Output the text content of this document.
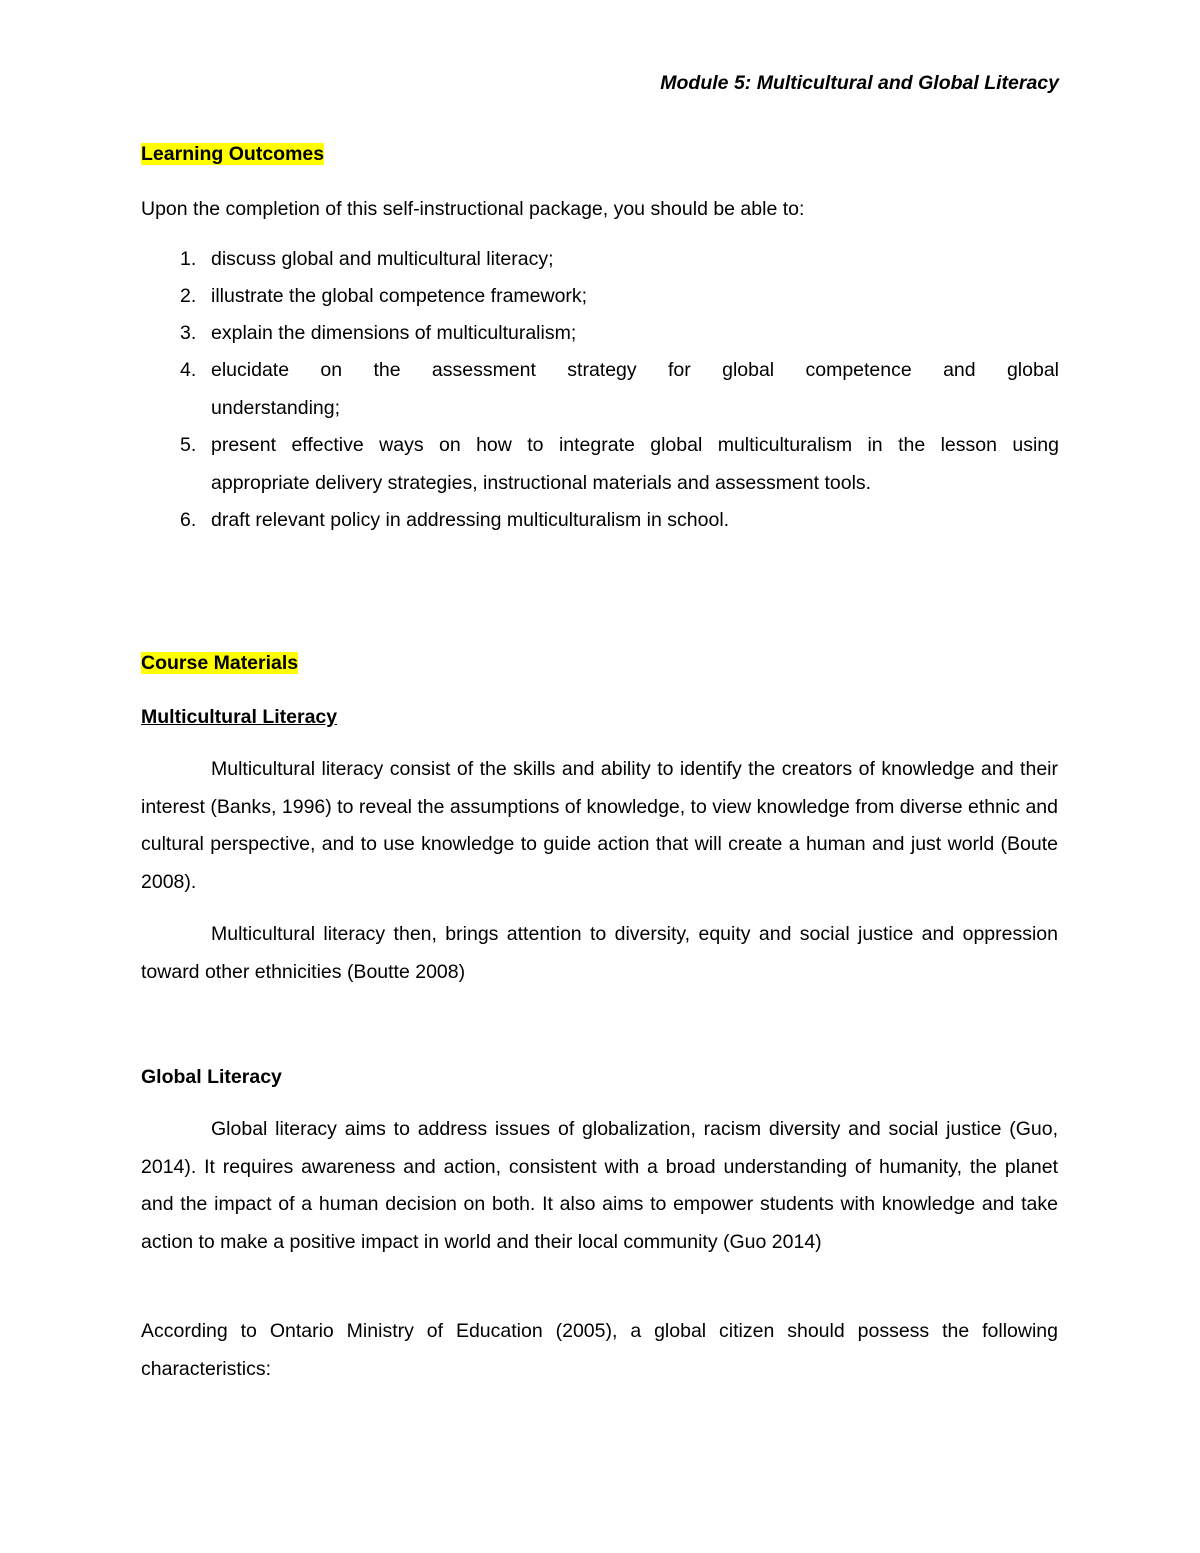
Module 5: Multicultural and Global Literacy
Learning Outcomes
Upon the completion of this self-instructional package, you should be able to:
1. discuss global and multicultural literacy;
2. illustrate the global competence framework;
3. explain the dimensions of multiculturalism;
4. elucidate on the assessment strategy for global competence and global
understanding;
5. present effective ways on how to integrate global multiculturalism in the lesson using
appropriate delivery strategies, instructional materials and assessment tools.
6. draft relevant policy in addressing multiculturalism in school.
Course Materials
Multicultural Literacy
Multicultural literacy consist of the skills and ability to identify the creators of knowledge and their interest (Banks, 1996) to reveal the assumptions of knowledge, to view knowledge from diverse ethnic and cultural perspective, and to use knowledge to guide action that will create a human and just world (Boute 2008).
Multicultural literacy then, brings attention to diversity, equity and social justice and oppression toward other ethnicities (Boutte 2008)
Global Literacy
Global literacy aims to address issues of globalization, racism diversity and social justice (Guo, 2014). It requires awareness and action, consistent with a broad understanding of humanity, the planet and the impact of a human decision on both. It also aims to empower students with knowledge and take action to make a positive impact in world and their local community (Guo 2014)
According to Ontario Ministry of Education (2005), a global citizen should possess the following characteristics:
